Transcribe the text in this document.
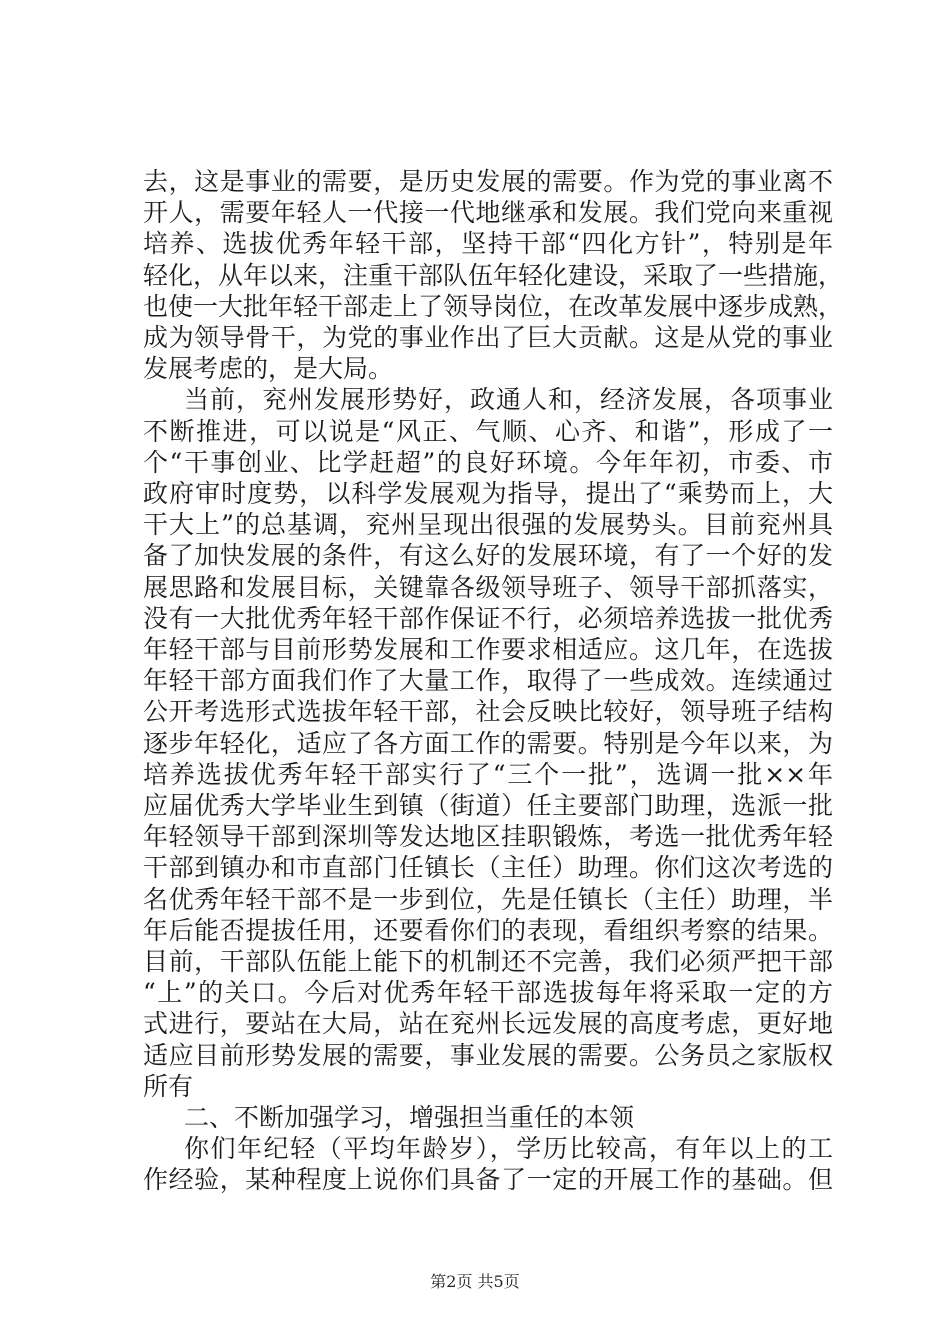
去，这是事业的需要，是历史发展的需要。作为党的事业离不
开人，需要年轻人一代接一代地继承和发展。我们党向来重视
培养、选拔优秀年轻干部，坚持干部“四化方针”，特别是年
轻化，从年以来，注重干部队伍年轻化建设，采取了一些措施，
也使一大批年轻干部走上了领导岗位，在改革发展中逐步成熟，
成为领导骨干，为党的事业作出了巨大贡献。这是从党的事业
发展考虑的，是大局。
当前，兖州发展形势好，政通人和，经济发展，各项事业
不断推进，可以说是“风正、气顺、心齐、和谐”，形成了一
个“干事创业、比学赶超”的良好环境。今年年初，市委、市
政府审时度势，以科学发展观为指导，提出了“乘势而上，大
干大上”的总基调，兖州呈现出很强的发展势头。目前兖州具
备了加快发展的条件，有这么好的发展环境，有了一个好的发
展思路和发展目标，关键靠各级领导班子、领导干部抓落实，
没有一大批优秀年轻干部作保证不行，必须培养选拔一批优秀
年轻干部与目前形势发展和工作要求相适应。这几年，在选拔
年轻干部方面我们作了大量工作，取得了一些成效。连续通过
公开考选形式选拔年轻干部，社会反映比较好，领导班子结构
逐步年轻化，适应了各方面工作的需要。特别是今年以来，为
培养选拔优秀年轻干部实行了“三个一批”，选调一批××年
应届优秀大学毕业生到镇（街道）任主要部门助理，选派一批
年轻领导干部到深圳等发达地区挂职锻炼，考选一批优秀年轻
干部到镇办和市直部门任镇长（主任）助理。你们这次考选的
名优秀年轻干部不是一步到位，先是任镇长（主任）助理，半
年后能否提拔任用，还要看你们的表现，看组织考察的结果。
目前，干部队伍能上能下的机制还不完善，我们必须严把干部
“上”的关口。今后对优秀年轻干部选拔每年将采取一定的方
式进行，要站在大局，站在兖州长远发展的高度考虑，更好地
适应目前形势发展的需要，事业发展的需要。公务员之家版权
所有
二、不断加强学习，增强担当重任的本领
你们年纪轻（平均年龄岁），学历比较高，有年以上的工
作经验，某种程度上说你们具备了一定的开展工作的基础。但
第2页 共5页
